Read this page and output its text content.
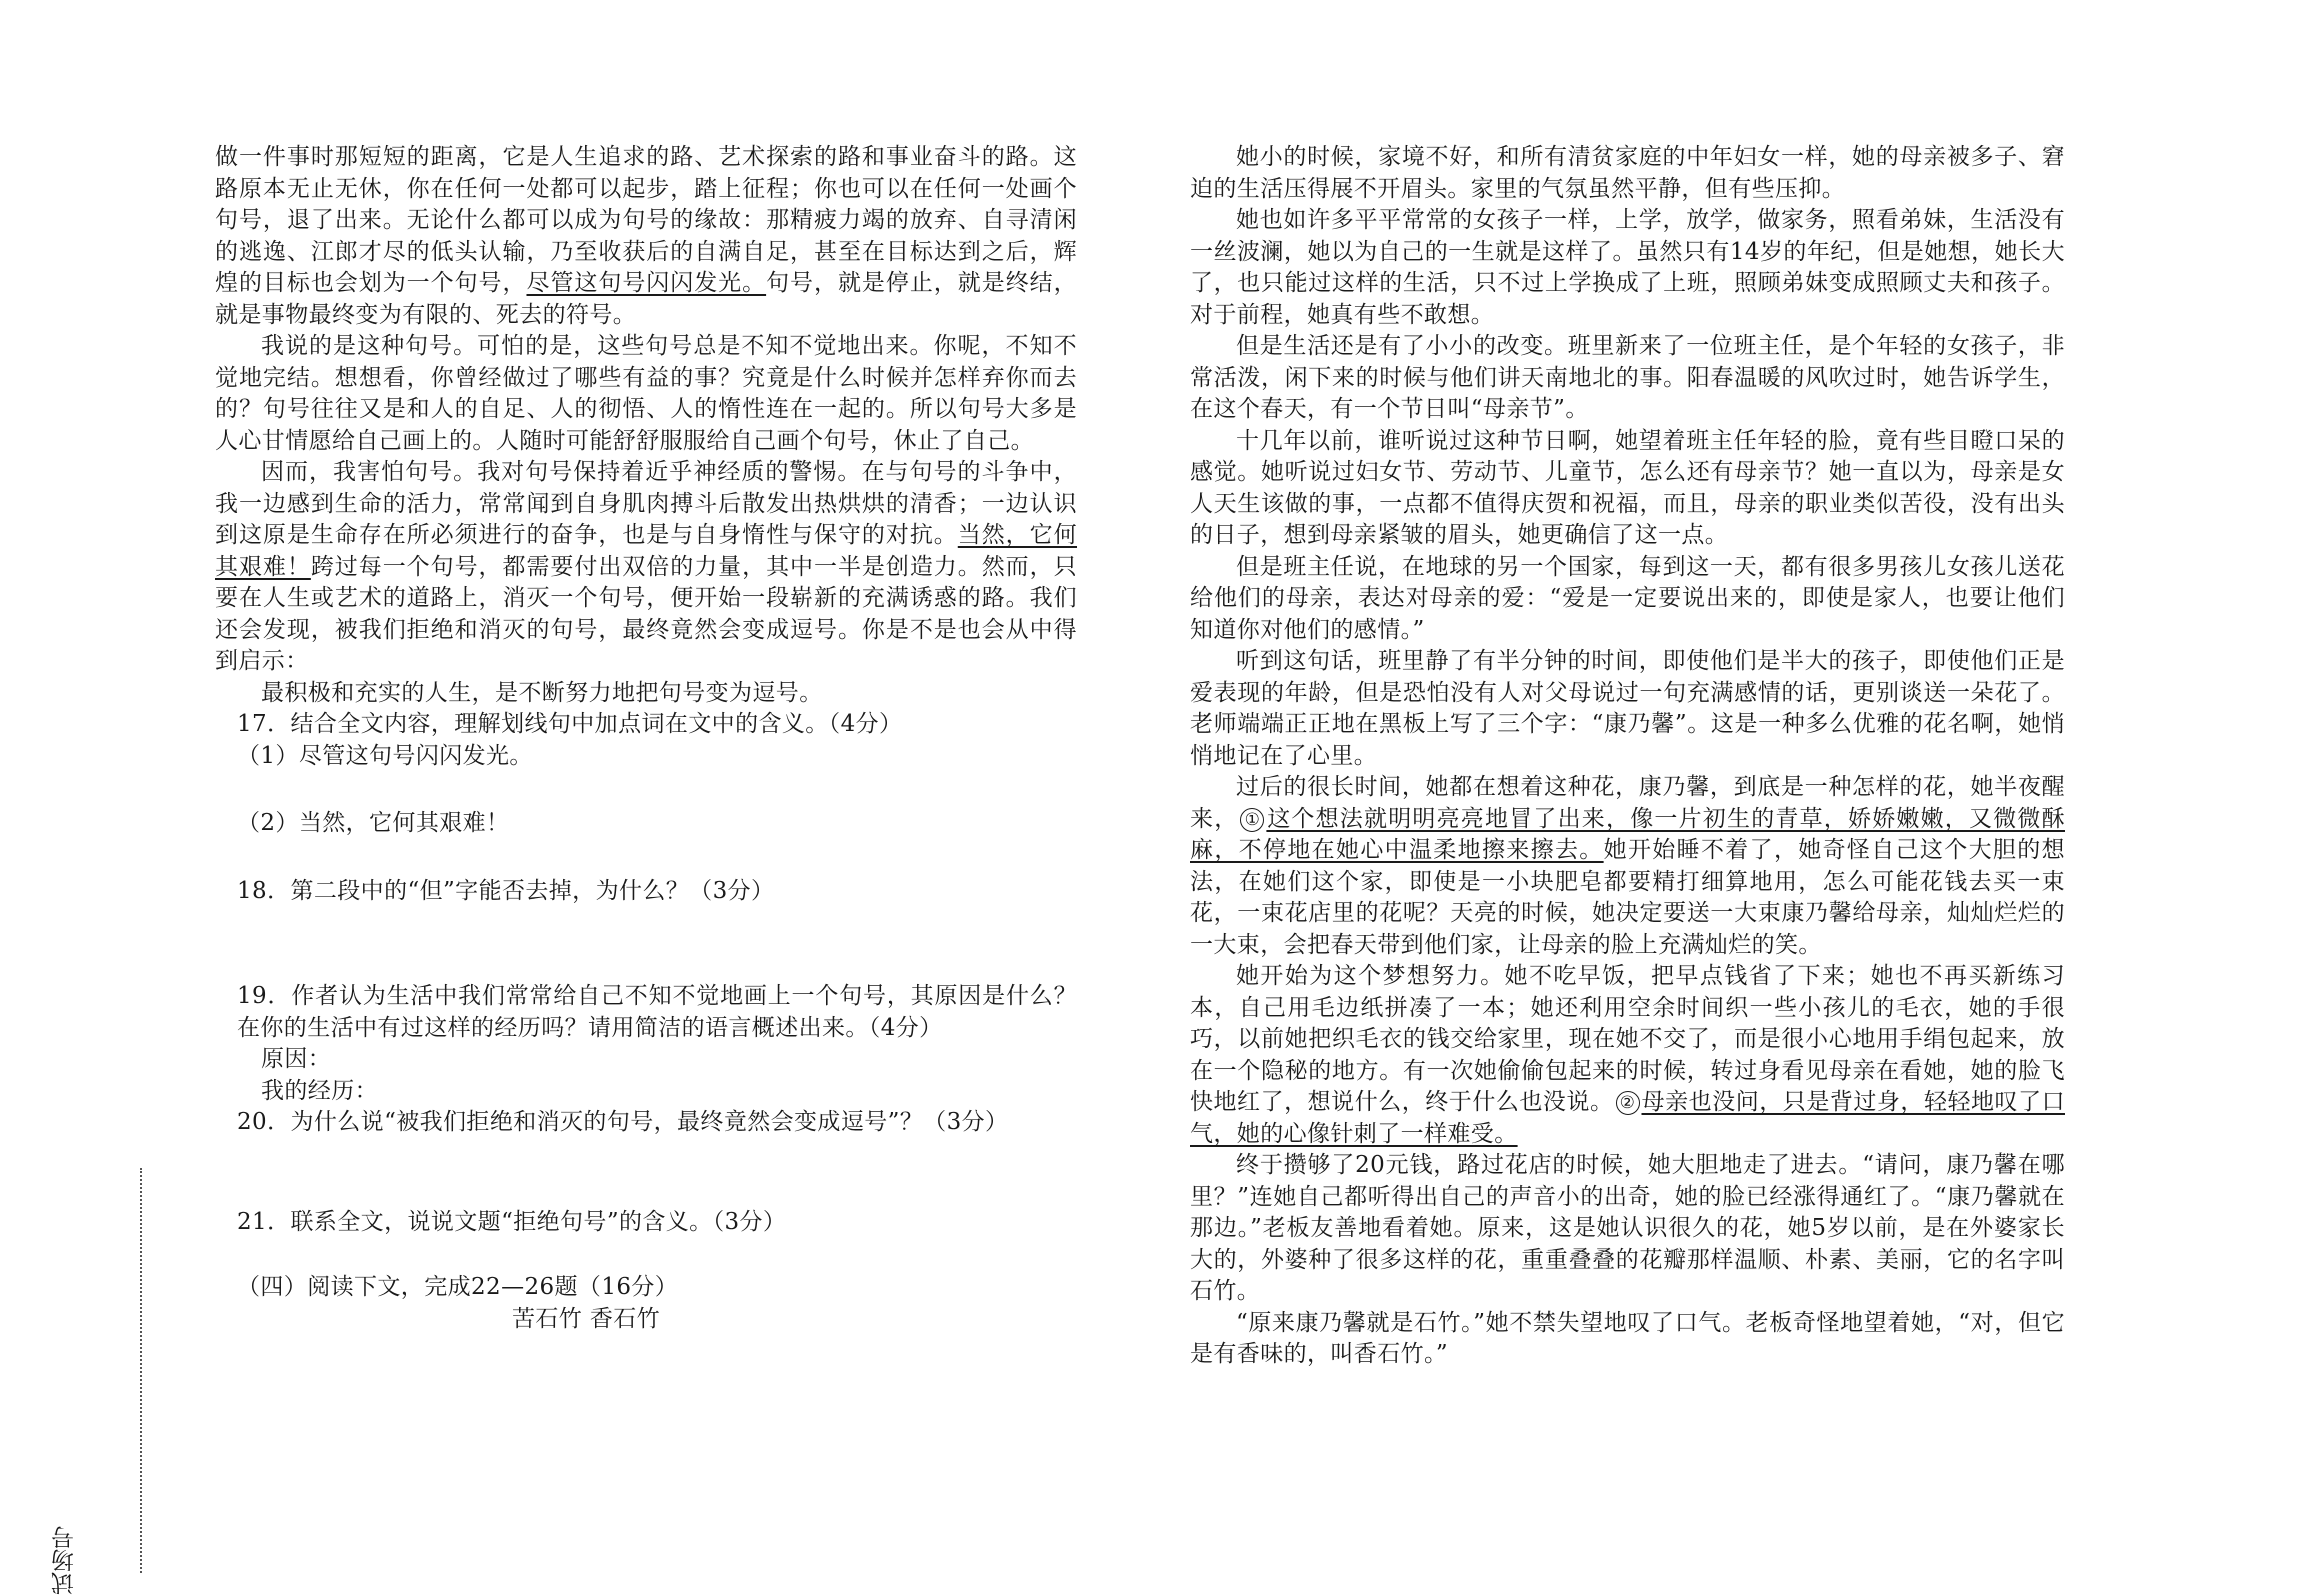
做一件事时那短短的距离，它是人生追求的路、艺术探索的路和事业奋斗的路。这路原本无止无休，你在任何一处都可以起步，踏上征程；你也可以在任何一处画个句号，退了出来。无论什么都可以成为句号的缘故：那精疲力竭的放弃、自寻清闲的逃逸、江郎才尽的低头认输，乃至收获后的自满自足，甚至在目标达到之后，辉煌的目标也会划为一个句号，尽管这句号闪闪发光。句号，就是停止，就是终结，就是事物最终变为有限的、死去的符号。

我说的是这种句号。可怕的是，这些句号总是不知不觉地出来。你呢，不知不觉地完结。想想看，你曾经做过了哪些有益的事？究竟是什么时候并怎样弃你而去的？句号往往又是和人的自足、人的彻悟、人的惰性连在一起的。所以句号大多是人心甘情愿给自己画上的。人随时可能舒舒服服给自己画个句号，休止了自己。

因而，我害怕句号。我对句号保持着近乎神经质的警惕。在与句号的斗争中，我一边感到生命的活力，常常闻到自身肌肉搏斗后散发出热烘烘的清香；一边认识到这原是生命存在所必须进行的奋争，也是与自身惰性与保守的对抗。当然，它何其艰难！跨过每一个句号，都需要付出双倍的力量，其中一半是创造力。然而，只要在人生或艺术的道路上，消灭一个句号，便开始一段崭新的充满诱惑的路。我们还会发现，被我们拒绝和消灭的句号，最终竟然会变成逗号。你是不是也会从中得到启示：

最积极和充实的人生，是不断努力地把句号变为逗号。

17．结合全文内容，理解划线句中加点词在文中的含义。（4分）

（1）尽管这句号闪闪发光。

（2）当然，它何其艰难！

18．第二段中的“但”字能否去掉，为什么？（3分）

19．作者认为生活中我们常常给自己不知不觉地画上一个句号，其原因是什么？在你的生活中有过这样的经历吗？请用简洁的语言概述出来。（4分）

原因：

我的经历：

20．为什么说“被我们拒绝和消灭的句号，最终竟然会变成逗号”？（3分）

21．联系全文，说说文题“拒绝句号”的含义。（3分）

（四）阅读下文，完成22—26题（16分）

苦石竹 香石竹

她小的时候，家境不好，和所有清贫家庭的中年妇女一样，她的母亲被多子、窘迫的生活压得展不开眉头。家里的气氛虽然平静，但有些压抑。

她也如许多平平常常的女孩子一样，上学，放学，做家务，照看弟妹，生活没有一丝波澜，她以为自己的一生就是这样了。虽然只有14岁的年纪，但是她想，她长大了，也只能过这样的生活，只不过上学换成了上班，照顾弟妹变成照顾丈夫和孩子。对于前程，她真有些不敢想。

但是生活还是有了小小的改变。班里新来了一位班主任，是个年轻的女孩子，非常活泼，闲下来的时候与他们讲天南地北的事。阳春温暖的风吹过时，她告诉学生，在这个春天，有一个节日叫“母亲节”。

十几年以前，谁听说过这种节日啊，她望着班主任年轻的脸，竟有些目瞪口呆的感觉。她听说过妇女节、劳动节、儿童节，怎么还有母亲节？她一直以为，母亲是女人天生该做的事，一点都不值得庆贺和祝福，而且，母亲的职业类似苦役，没有出头的日子，想到母亲紧皱的眉头，她更确信了这一点。

但是班主任说，在地球的另一个国家，每到这一天，都有很多男孩儿女孩儿送花给他们的母亲，表达对母亲的爱：“爱是一定要说出来的，即使是家人，也要让他们知道你对他们的感情。”

听到这句话，班里静了有半分钟的时间，即使他们是半大的孩子，即使他们正是爱表现的年龄，但是恐怕没有人对父母说过一句充满感情的话，更别谈送一朵花了。老师端端正正地在黑板上写了三个字：“康乃馨”。这是一种多么优雅的花名啊，她悄悄地记在了心里。

过后的很长时间，她都在想着这种花，康乃馨，到底是一种怎样的花，她半夜醒来， ① 这个想法就明明亮亮地冒了出来，像一片初生的青草，娇娇嫩嫩，又微微酥麻，不停地在她心中温柔地擦来擦去。她开始睡不着了，她奇怪自己这个大胆的想法，在她们这个家，即使是一小块肥皂都要精打细算地用，怎么可能花钱去买一束花，一束花店里的花呢？天亮的时候，她决定要送一大束康乃馨给母亲，灿灿烂烂的一大束，会把春天带到他们家，让母亲的脸上充满灿烂的笑。

她开始为这个梦想努力。她不吃早饭，把早点钱省了下来；她也不再买新练习本，自己用毛边纸拼凑了一本；她还利用空余时间织一些小孩儿的毛衣，她的手很巧，以前她把织毛衣的钱交给家里，现在她不交了，而是很小心地用手绢包起来，放在一个隐秘的地方。有一次她偷偷包起来的时候，转过身看见母亲在看她，她的脸飞快地红了，想说什么，终于什么也没说。 ② 母亲也没问，只是背过身，轻轻地叹了口气，她的心像针刺了一样难受。

终于攒够了20元钱，路过花店的时候，她大胆地走了进去。“请问，康乃馨在哪里？”连她自己都听得出自己的声音小的出奇，她的脸已经涨得通红了。“康乃馨就在那边。”老板友善地看着她。原来，这是她认识很久的花，她5岁以前，是在外婆家长大的，外婆种了很多这样的花，重重叠叠的花瓣那样温顺、朴素、美丽，它的名字叫石竹。

“原来康乃馨就是石竹。”她不禁失望地叹了口气。老板奇怪地望着她，“对，但它是有香味的，叫香石竹。”

试场号
